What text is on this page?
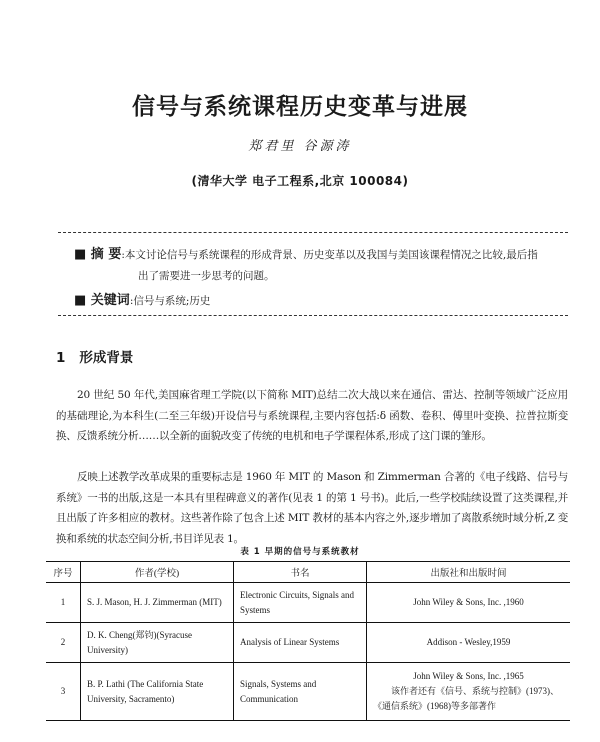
信号与系统课程历史变革与进展
郑君里 谷源涛
(清华大学 电子工程系,北京 100084)
■ 摘 要:本文讨论信号与系统课程的形成背景、历史变革以及我国与美国该课程情况之比较,最后指出了需要进一步思考的问题。
■ 关键词:信号与系统;历史
1 形成背景
20 世纪 50 年代,美国麻省理工学院(以下简称 MIT)总结二次大战以来在通信、雷达、控制等领域广泛应用的基础理论,为本科生(二至三年级)开设信号与系统课程,主要内容包括:δ 函数、卷积、傅里叶变换、拉普拉斯变换、反馈系统分析……以全新的面貌改变了传统的电机和电子学课程体系,形成了这门课的雏形。
反映上述教学改革成果的重要标志是 1960 年 MIT 的 Mason 和 Zimmerman 合著的《电子线路、信号与系统》一书的出版,这是一本具有里程碑意义的著作(见表 1 的第 1 号书)。此后,一些学校陆续设置了这类课程,并且出版了许多相应的教材。这些著作除了包含上述 MIT 教材的基本内容之外,逐步增加了离散系统时域分析,Z 变换和系统的状态空间分析,书目详见表 1。
表 1 早期的信号与系统教材
序号	作者(学校)	书名	出版社和出版时间
1	S. J. Mason, H. J. Zimmerman (MIT)	Electronic Circuits, Signals and Systems	John Wiley & Sons, Inc. ,1960
2	D. K. Cheng(郑钧)(Syracuse University)	Analysis of Linear Systems	Addison - Wesley,1959
3	B. P. Lathi (The California State University, Sacramento)	Signals, Systems and Communication	John Wiley & Sons, Inc. ,1965
该作者还有《信号、系统与控制》(1973)、《通信系统》(1968)等多部著作
